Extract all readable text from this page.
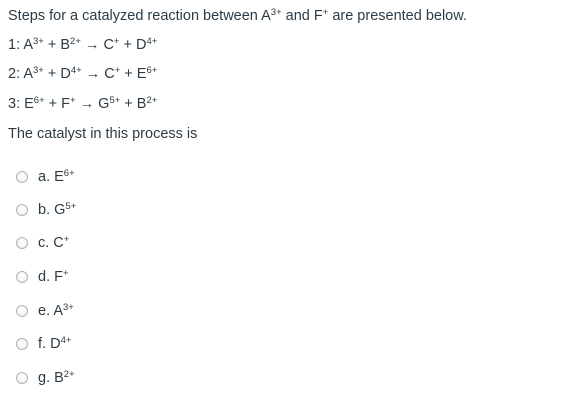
Steps for a catalyzed reaction between $A^{3+}$ and F+ are presented below.
1: $A^{3+} + B^{2+} \to C^+ + D^{4+}$
2: $A^{3+} + D^{4+} \to C^+ + E^{6+}$
3: $E^{6+} + F^+ \to G^{5+} + B^{2+}$
The catalyst in this process is
a. $E^{6+}$
b. $G^{5+}$
c. C+
d. F+
e. $A^{3+}$
f. $D^{4+}$
g. $B^{2+}$
